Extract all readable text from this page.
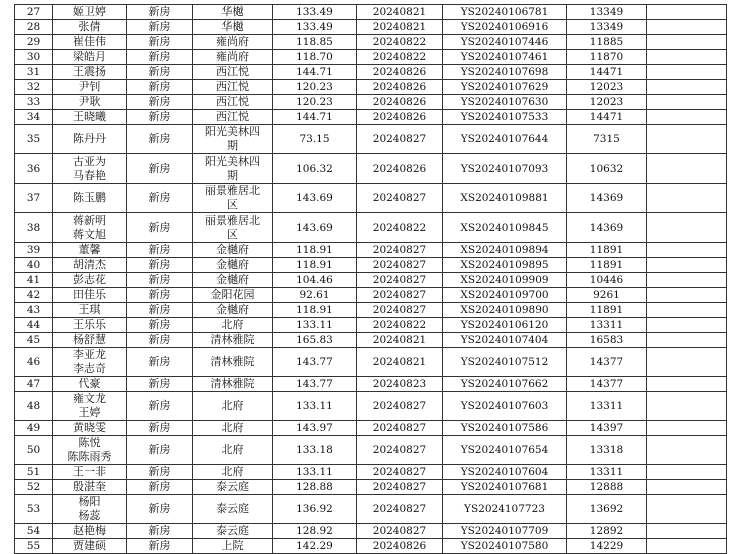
27	姬卫婷	新房	华樾	133.49	20240821	YS20240106781	13349	
28	张倩	新房	华樾	133.49	20240821	YS20240106916	13349	
29	崔佳伟	新房	雍尚府	118.85	20240822	YS20240107446	11885	
30	梁皓月	新房	雍尚府	118.70	20240822	YS20240107461	11870	
31	王震扬	新房	西江悦	144.71	20240826	YS20240107698	14471	
32	尹钊	新房	西江悦	120.23	20240826	YS20240107629	12023	
33	尹耿	新房	西江悦	120.23	20240826	YS20240107630	12023	
34	王晓曦	新房	西江悦	144.71	20240826	YS20240107533	14471	
35	陈丹丹	新房	阳光美林四
期	73.15	20240827	YS20240107644	7315	
36	古亚为
马春艳	新房	阳光美林四
期	106.32	20240826	YS20240107093	10632	
37	陈玉鹏	新房	丽景雅居北
区	143.69	20240827	XS20240109881	14369	
38	蒋新明
蒋文旭	新房	丽景雅居北
区	143.69	20240822	XS20240109845	14369	
39	董馨	新房	金樾府	118.91	20240827	XS20240109894	11891	
40	胡清杰	新房	金樾府	118.91	20240827	XS20240109895	11891	
41	彭志花	新房	金樾府	104.46	20240827	XS20240109909	10446	
42	田佳乐	新房	金阳花园	92.61	20240827	XS20240109700	9261	
43	王琪	新房	金樾府	118.91	20240827	XS20240109890	11891	
44	王乐乐	新房	北府	133.11	20240822	YS20240106120	13311	
45	杨舒慧	新房	清林雅院	165.83	20240821	YS20240107404	16583	
46	李亚龙
李志奇	新房	清林雅院	143.77	20240821	YS20240107512	14377	
47	代豪	新房	清林雅院	143.77	20240823	YS20240107662	14377	
48	雍文龙
王婷	新房	北府	133.11	20240827	YS20240107603	13311	
49	黄晓雯	新房	北府	143.97	20240827	YS20240107586	14397	
50	陈悦
陈陈雨秀	新房	北府	133.18	20240827	YS20240107654	13318	
51	王一非	新房	北府	133.11	20240827	YS20240107604	13311	
52	殷湛奎	新房	泰云庭	128.88	20240827	YS20240107681	12888	
53	杨阳
杨蕊	新房	泰云庭	136.92	20240827	YS2024107723	13692	
54	赵艳梅	新房	泰云庭	128.92	20240827	YS20240107709	12892	
55	贾建硕	新房	上院	142.29	20240826	YS20240107580	14229	
